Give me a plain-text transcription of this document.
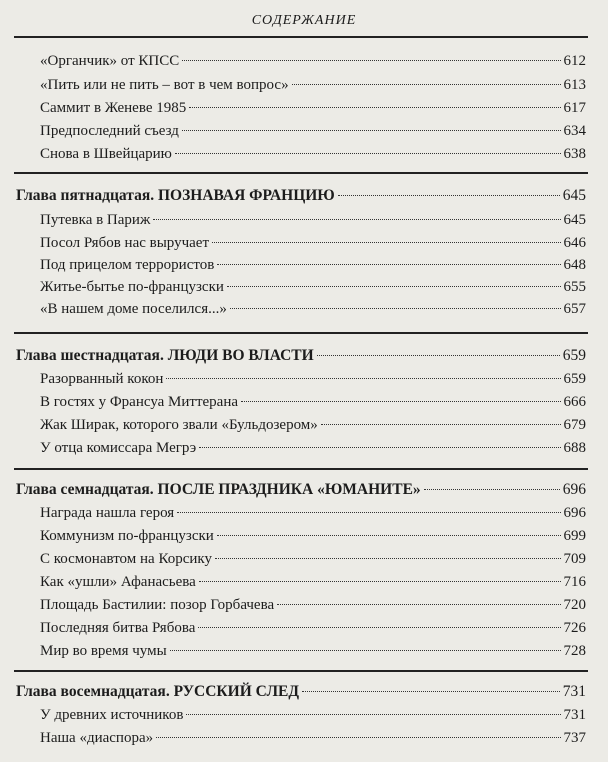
СОДЕРЖАНИЕ
«Органчик» от КПСС	612
«Пить или не пить – вот в чем вопрос»	613
Саммит в Женеве 1985	617
Предпоследний съезд	634
Снова в Швейцарию	638
Глава пятнадцатая. ПОЗНАВАЯ ФРАНЦИЮ	645
Путевка в Париж	645
Посол Рябов нас выручает	646
Под прицелом террористов	648
Житье-бытье по-французски	655
«В нашем доме поселился...»	657
Глава шестнадцатая. ЛЮДИ ВО ВЛАСТИ	659
Разорванный кокон	659
В гостях у Франсуа Миттерана	666
Жак Ширак, которого звали «Бульдозером»	679
У отца комиссара Мегрэ	688
Глава семнадцатая. ПОСЛЕ ПРАЗДНИКА «ЮМАНИТЕ»	696
Награда нашла героя	696
Коммунизм по-французски	699
С космонавтом на Корсику	709
Как «ушли» Афанасьева	716
Площадь Бастилии: позор Горбачева	720
Последняя битва Рябова	726
Мир во время чумы	728
Глава восемнадцатая. РУССКИЙ СЛЕД	731
У древних источников	731
Наша «диаспора»	737
